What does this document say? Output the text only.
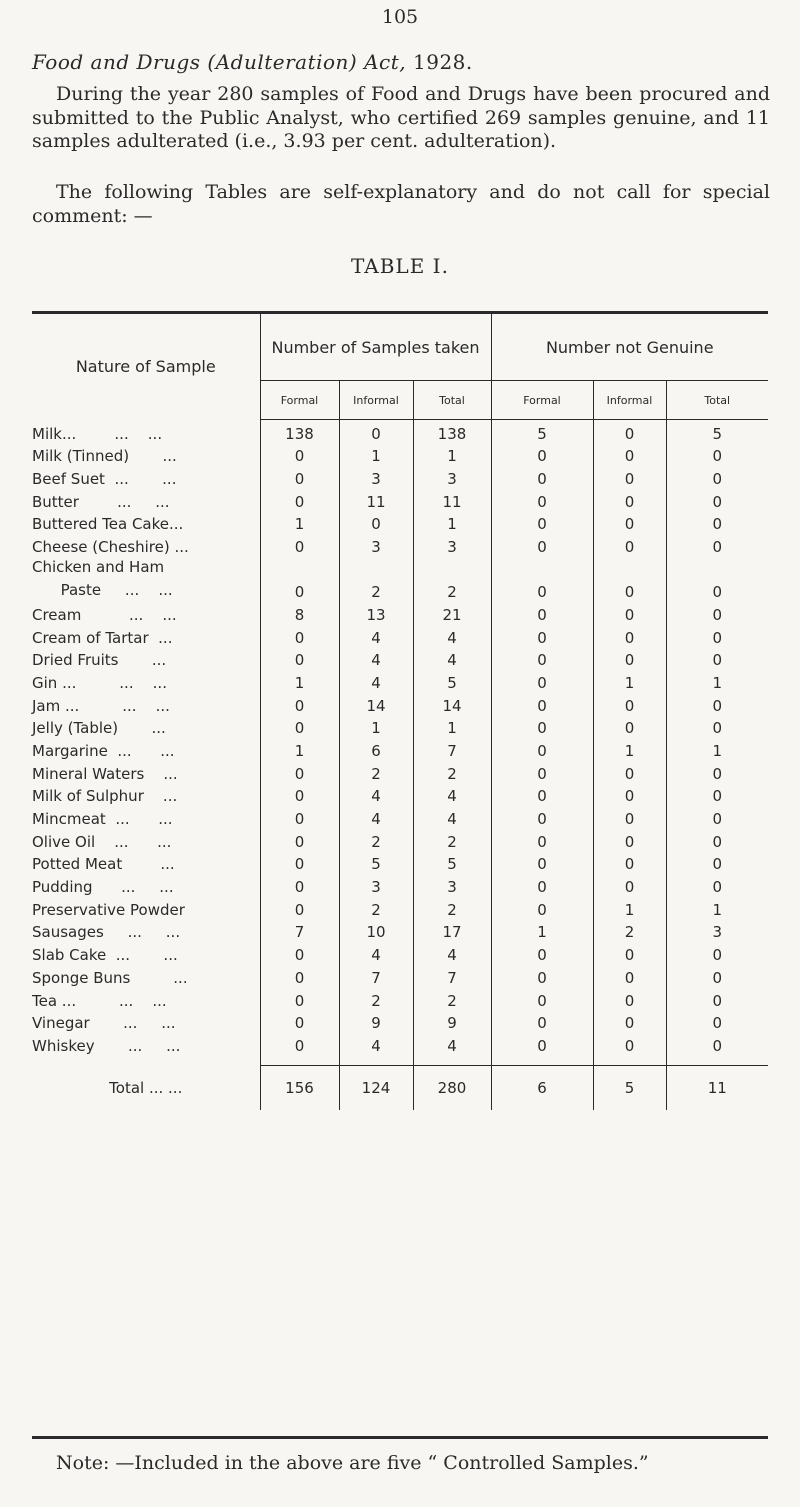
105
Food and Drugs (Adulteration) Act, 1928.

During the year 280 samples of Food and Drugs have been procured and submitted to the Public Analyst, who certified 269 samples genuine, and 11 samples adulterated (i.e., 3.93 per cent. adulteration).

The following Tables are self-explanatory and do not call for special comment: —

TABLE I.
Nature of Sample	Number of Samples taken			Number not Genuine		
	Formal	Informal	Total	Formal	Informal	Total
Milk...        ...    ...	138	0	138	5	0	5
Milk (Tinned)       ...	0	1	1	0	0	0
Beef Suet  ...       ...	0	3	3	0	0	0
Butter        ...     ...	0	11	11	0	0	0
Buttered Tea Cake...	1	0	1	0	0	0
Cheese (Cheshire) ...	0	3	3	0	0	0
Chicken and Ham
Paste     ...    ...	0	2	2	0	0	0
Cream          ...    ...	8	13	21	0	0	0
Cream of Tartar  ...	0	4	4	0	0	0
Dried Fruits       ...	0	4	4	0	0	0
Gin ...         ...    ...	1	4	5	0	1	1
Jam ...         ...    ...	0	14	14	0	0	0
Jelly (Table)       ...	0	1	1	0	0	0
Margarine  ...      ...	1	6	7	0	1	1
Mineral Waters    ...	0	2	2	0	0	0
Milk of Sulphur    ...	0	4	4	0	0	0
Mincmeat  ...      ...	0	4	4	0	0	0
Olive Oil    ...      ...	0	2	2	0	0	0
Potted Meat        ...	0	5	5	0	0	0
Pudding      ...     ...	0	3	3	0	0	0
Preservative Powder	0	2	2	0	1	1
Sausages     ...     ...	7	10	17	1	2	3
Slab Cake  ...       ...	0	4	4	0	0	0
Sponge Buns         ...	0	7	7	0	0	0
Tea ...         ...    ...	0	2	2	0	0	0
Vinegar       ...     ...	0	9	9	0	0	0
Whiskey       ...     ...	0	4	4	0	0	0

Total ... ...	156	124	280	6	5	11

Note: —Included in the above are five “ Controlled Samples.”
